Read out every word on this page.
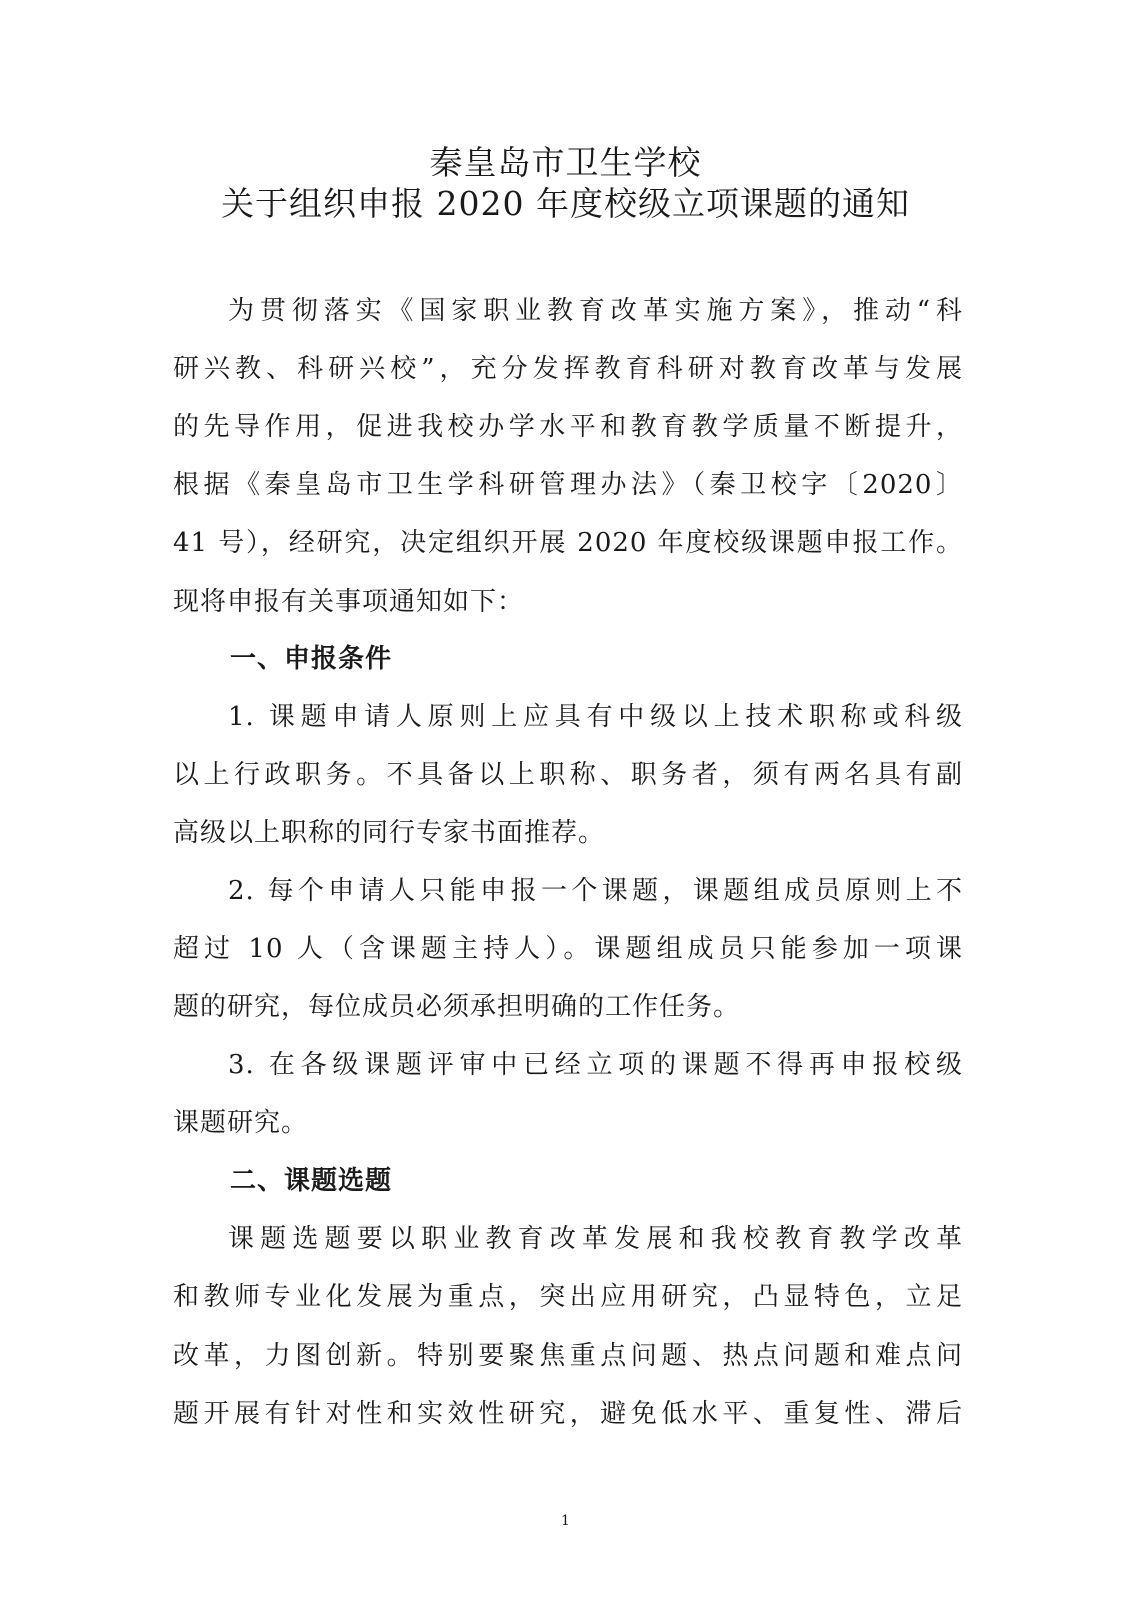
秦皇岛市卫生学校
关于组织申报 2020 年度校级立项课题的通知
为贯彻落实《国家职业教育改革实施方案》，推动“科
研兴教、科研兴校”，充分发挥教育科研对教育改革与发展
的先导作用，促进我校办学水平和教育教学质量不断提升，
根据《秦皇岛市卫生学科研管理办法》（秦卫校字〔2020〕
41 号），经研究，决定组织开展 2020 年度校级课题申报工作。
现将申报有关事项通知如下：
一、申报条件
1. 课题申请人原则上应具有中级以上技术职称或科级
以上行政职务。不具备以上职称、职务者，须有两名具有副
高级以上职称的同行专家书面推荐。
2. 每个申请人只能申报一个课题，课题组成员原则上不
超过 10 人（含课题主持人）。课题组成员只能参加一项课
题的研究，每位成员必须承担明确的工作任务。
3. 在各级课题评审中已经立项的课题不得再申报校级
课题研究。
二、课题选题
课题选题要以职业教育改革发展和我校教育教学改革
和教师专业化发展为重点，突出应用研究，凸显特色，立足
改革，力图创新。特别要聚焦重点问题、热点问题和难点问
题开展有针对性和实效性研究，避免低水平、重复性、滞后
1
